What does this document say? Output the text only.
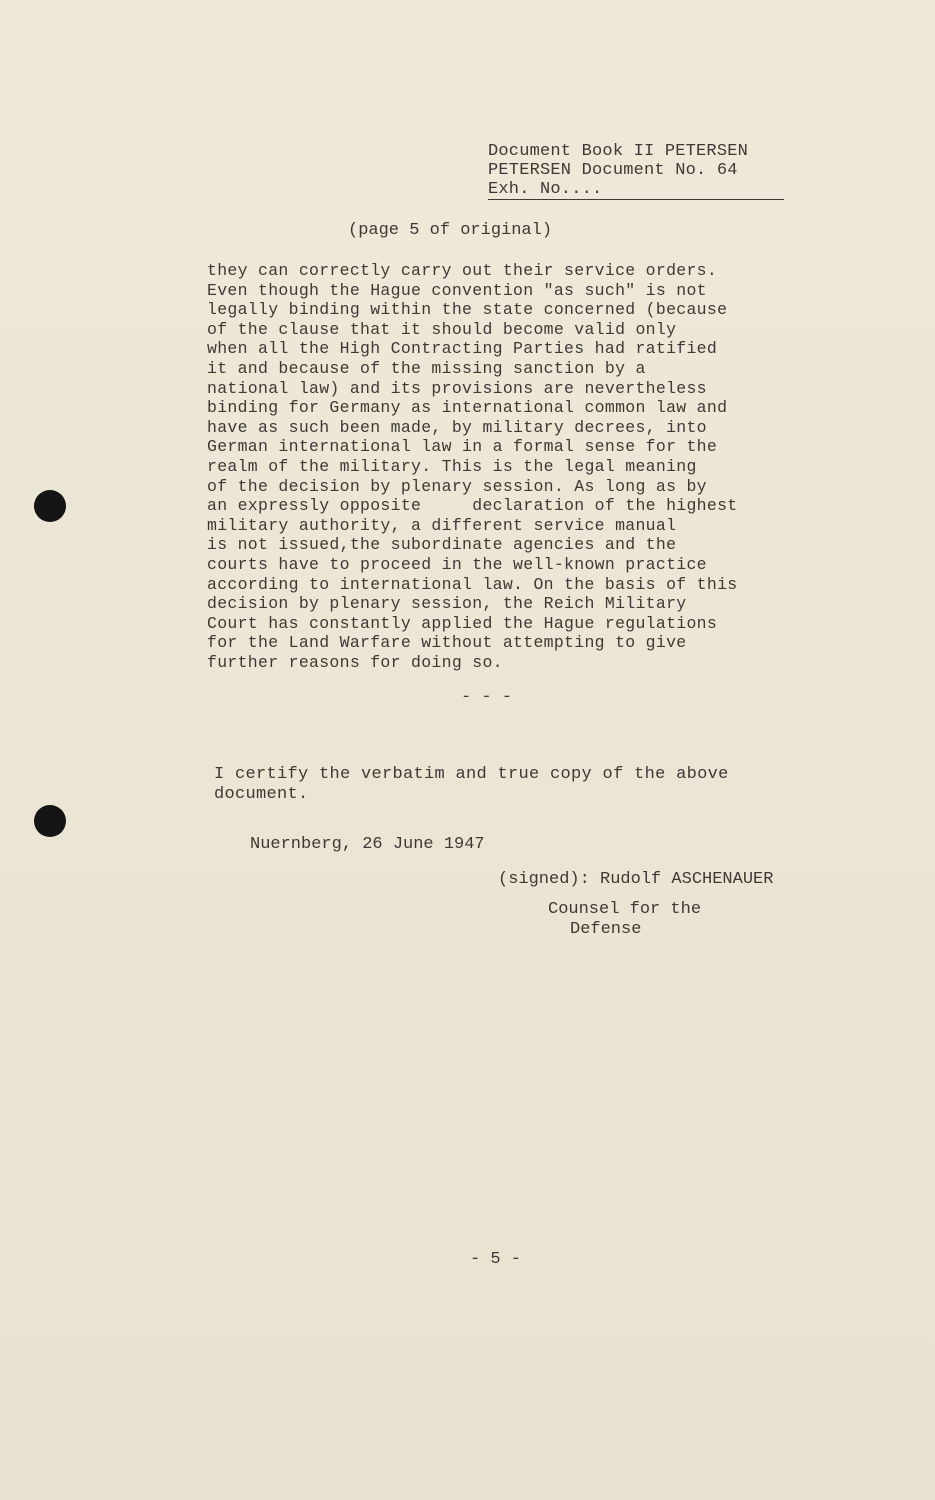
Document Book II PETERSEN
PETERSEN Document No. 64
Exh. No....
(page 5 of original)
they can correctly carry out their service orders.
Even though the Hague convention "as such" is not
legally binding within the state concerned (because
of the clause that it should become valid only
when all the High Contracting Parties had ratified
it and because of the missing sanction by a
national law) and its provisions are nevertheless
binding for Germany as international common law and
have as such been made, by military decrees, into
German international law in a formal sense for the
realm of the military. This is the legal meaning
of the decision by plenary session. As long as by
an expressly opposite     declaration of the highest
military authority, a different service manual
is not issued,the subordinate agencies and the
courts have to proceed in the well-known practice
according to international law. On the basis of this
decision by plenary session, the Reich Military
Court has constantly applied the Hague regulations
for the Land Warfare without attempting to give
further reasons for doing so.
- - -
I certify the verbatim and true copy of the above
document.
Nuernberg, 26 June 1947
(signed): Rudolf ASCHENAUER
Counsel for the
Defense
- 5 -
